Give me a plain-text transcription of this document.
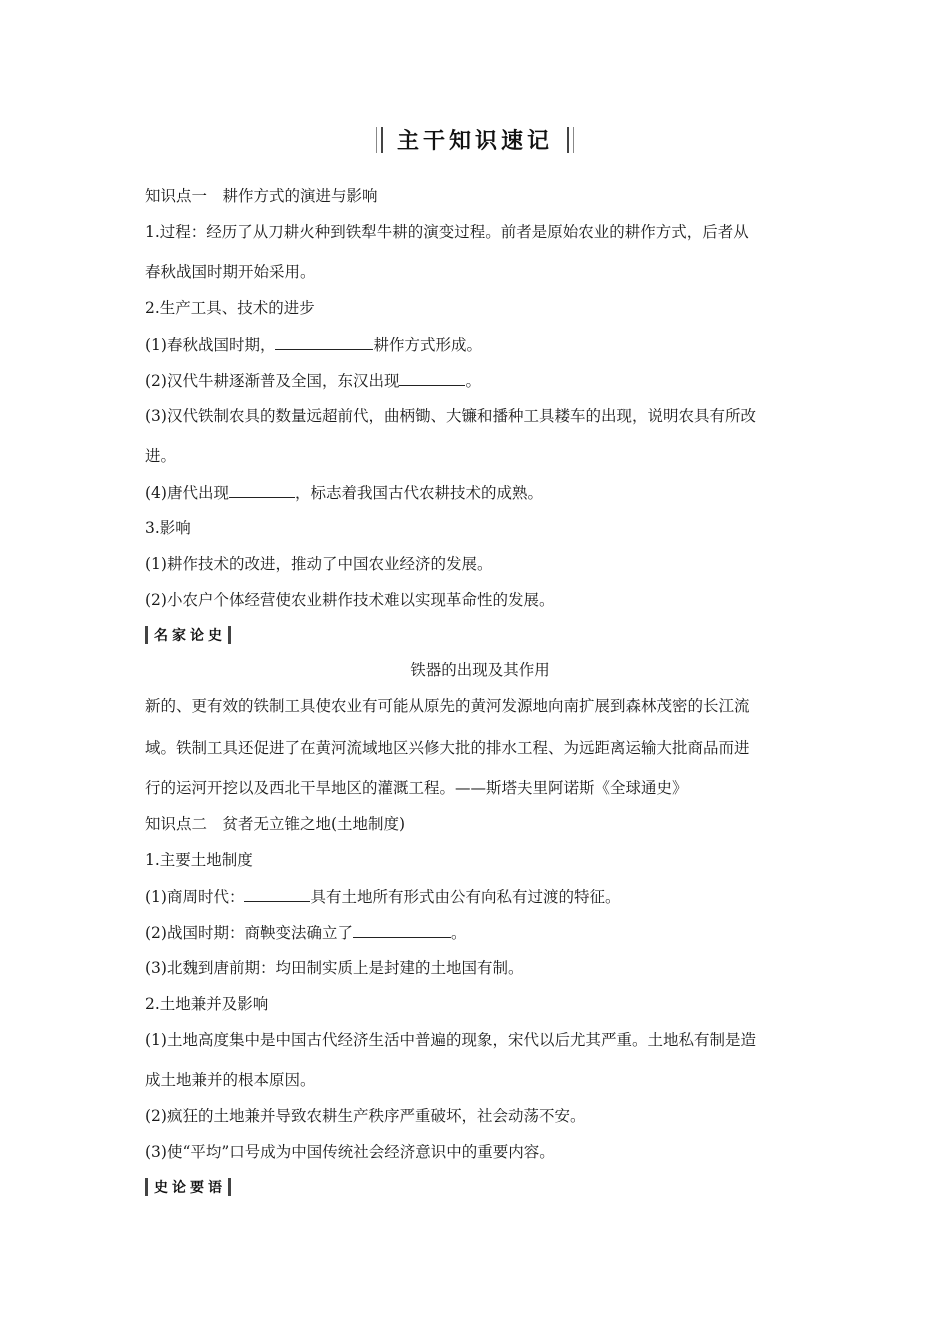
主干知识速记
知识点一　耕作方式的演进与影响
1.过程：经历了从刀耕火种到铁犁牛耕的演变过程。前者是原始农业的耕作方式，后者从
春秋战国时期开始采用。
2.生产工具、技术的进步
(1)春秋战国时期，	耕作方式形成。
(2)汉代牛耕逐渐普及全国，东汉出现	。
(3)汉代铁制农具的数量远超前代，曲柄锄、大镰和播种工具耧车的出现，说明农具有所改
进。
(4)唐代出现	，标志着我国古代农耕技术的成熟。
3.影响
(1)耕作技术的改进，推动了中国农业经济的发展。
(2)小农户个体经营使农业耕作技术难以实现革命性的发展。
名家论史
铁器的出现及其作用
新的、更有效的铁制工具使农业有可能从原先的黄河发源地向南扩展到森林茂密的长江流
域。铁制工具还促进了在黄河流域地区兴修大批的排水工程、为远距离运输大批商品而进
行的运河开挖以及西北干旱地区的灌溉工程。——斯塔夫里阿诺斯《全球通史》
知识点二　贫者无立锥之地(土地制度)
1.主要土地制度
(1)商周时代：	具有土地所有形式由公有向私有过渡的特征。
(2)战国时期：商鞅变法确立了	。
(3)北魏到唐前期：均田制实质上是封建的土地国有制。
2.土地兼并及影响
(1)土地高度集中是中国古代经济生活中普遍的现象，宋代以后尤其严重。土地私有制是造
成土地兼并的根本原因。
(2)疯狂的土地兼并导致农耕生产秩序严重破坏，社会动荡不安。
(3)使“平均”口号成为中国传统社会经济意识中的重要内容。
史论要语
